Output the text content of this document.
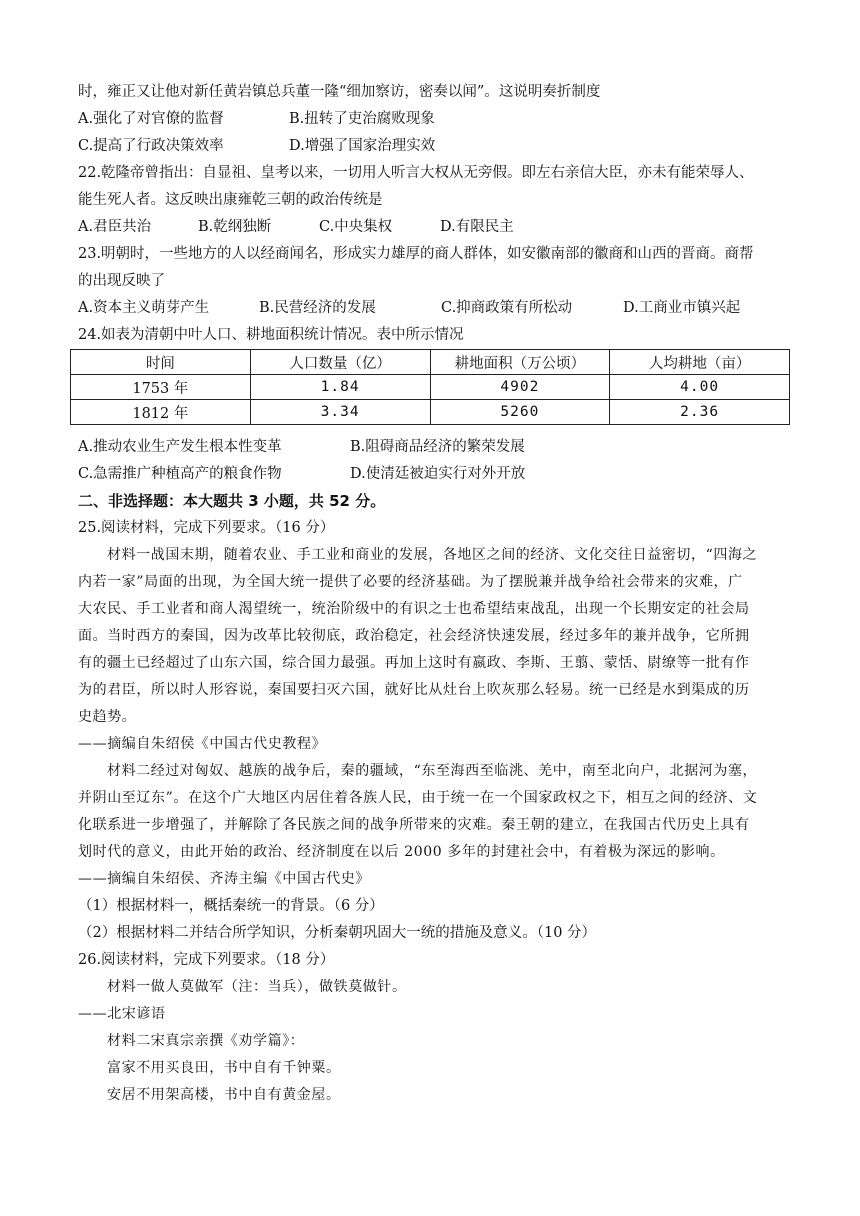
时，雍正又让他对新任黄岩镇总兵董一隆“细加察访，密奏以闻”。这说明奏折制度
A.强化了对官僚的监督	B.扭转了吏治腐败现象
C.提高了行政决策效率	D.增强了国家治理实效
22.乾隆帝曾指出：自显祖、皇考以来，一切用人听言大权从无旁假。即左右亲信大臣，亦未有能荣辱人、
能生死人者。这反映出康雍乾三朝的政治传统是
A.君臣共治	B.乾纲独断	C.中央集权	D.有限民主
23.明朝时，一些地方的人以经商闻名，形成实力雄厚的商人群体，如安徽南部的徽商和山西的晋商。商帮
的出现反映了
A.资本主义萌芽产生	B.民营经济的发展	C.抑商政策有所松动	D.工商业市镇兴起
24.如表为清朝中叶人口、耕地面积统计情况。表中所示情况
时间	人口数量（亿）	耕地面积（万公顷）	人均耕地（亩）
1753 年	1.84	4902	4.00
1812 年	3.34	5260	2.36
A.推动农业生产发生根本性变革	B.阻碍商品经济的繁荣发展
C.急需推广种植高产的粮食作物	D.使清廷被迫实行对外开放
二、非选择题：本大题共 3 小题，共 52 分。
25.阅读材料，完成下列要求。（16 分）
材料一战国末期，随着农业、手工业和商业的发展，各地区之间的经济、文化交往日益密切，“四海之
内若一家”局面的出现，为全国大统一提供了必要的经济基础。为了摆脱兼并战争给社会带来的灾难，广
大农民、手工业者和商人渴望统一，统治阶级中的有识之士也希望结束战乱，出现一个长期安定的社会局
面。当时西方的秦国，因为改革比较彻底，政治稳定，社会经济快速发展，经过多年的兼并战争，它所拥
有的疆土已经超过了山东六国，综合国力最强。再加上这时有嬴政、李斯、王翦、蒙恬、尉缭等一批有作
为的君臣，所以时人形容说，秦国要扫灭六国，就好比从灶台上吹灰那么轻易。统一已经是水到渠成的历
史趋势。
——摘编自朱绍侯《中国古代史教程》
材料二经过对匈奴、越族的战争后，秦的疆域，“东至海西至临洮、羌中，南至北向户，北据河为塞，
并阴山至辽东”。在这个广大地区内居住着各族人民，由于统一在一个国家政权之下，相互之间的经济、文
化联系进一步增强了，并解除了各民族之间的战争所带来的灾难。秦王朝的建立，在我国古代历史上具有
划时代的意义，由此开始的政治、经济制度在以后 2000 多年的封建社会中，有着极为深远的影响。
——摘编自朱绍侯、齐涛主编《中国古代史》
（1）根据材料一，概括秦统一的背景。（6 分）
（2）根据材料二并结合所学知识，分析秦朝巩固大一统的措施及意义。（10 分）
26.阅读材料，完成下列要求。（18 分）
材料一做人莫做军（注：当兵），做铁莫做针。
——北宋谚语
材料二宋真宗亲撰《劝学篇》：
富家不用买良田，书中自有千钟粟。
安居不用架高楼，书中自有黄金屋。
